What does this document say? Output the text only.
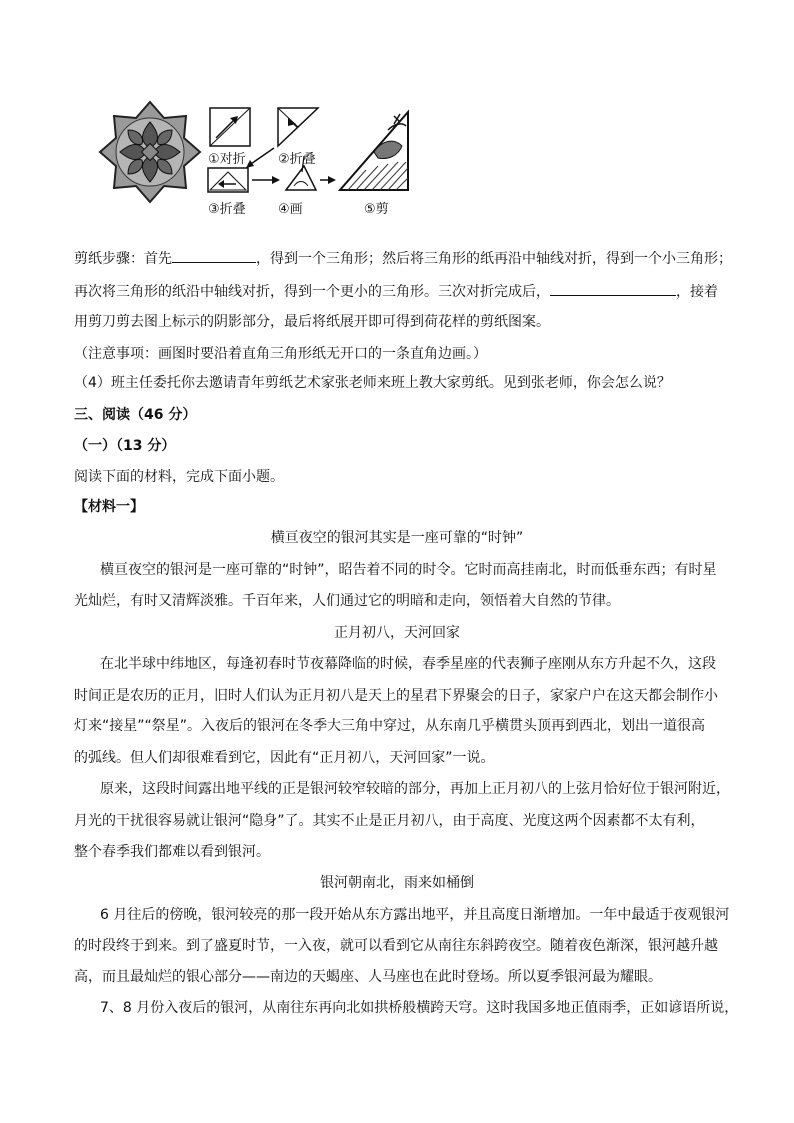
①对折 ②折叠
③折叠 ④画	⑤剪
剪纸步骤：首先	，得到一个三角形；然后将三角形的纸再沿中轴线对折，得到一个小三角形；
再次将三角形的纸沿中轴线对折，得到一个更小的三角形。三次对折完成后，	，接着
用剪刀剪去图上标示的阴影部分，最后将纸展开即可得到荷花样的剪纸图案。
（注意事项：画图时要沿着直角三角形纸无开口的一条直角边画。）
（4）班主任委托你去邀请青年剪纸艺术家张老师来班上教大家剪纸。见到张老师，你会怎么说？
三、阅读（46 分）
（一）（13 分）
阅读下面的材料，完成下面小题。
【材料一】
横亘夜空的银河其实是一座可靠的“时钟”
横亘夜空的银河是一座可靠的“时钟”，昭告着不同的时令。它时而高挂南北，时而低垂东西；有时星
光灿烂，有时又清辉淡雅。千百年来，人们通过它的明暗和走向，领悟着大自然的节律。
正月初八，天河回家
在北半球中纬地区，每逢初春时节夜幕降临的时候，春季星座的代表狮子座刚从东方升起不久，这段
时间正是农历的正月，旧时人们认为正月初八是天上的星君下界聚会的日子，家家户户在这天都会制作小
灯来“接星”“祭星”。入夜后的银河在冬季大三角中穿过，从东南几乎横贯头顶再到西北，划出一道很高
的弧线。但人们却很难看到它，因此有“正月初八，天河回家”一说。
原来，这段时间露出地平线的正是银河较窄较暗的部分，再加上正月初八的上弦月恰好位于银河附近，
月光的干扰很容易就让银河“隐身”了。其实不止是正月初八，由于高度、光度这两个因素都不太有利，
整个春季我们都难以看到银河。
银河朝南北，雨来如桶倒
6 月往后的傍晚，银河较亮的那一段开始从东方露出地平，并且高度日渐增加。一年中最适于夜观银河
的时段终于到来。到了盛夏时节，一入夜，就可以看到它从南往东斜跨夜空。随着夜色渐深，银河越升越
高，而且最灿烂的银心部分——南边的天蝎座、人马座也在此时登场。所以夏季银河最为耀眼。
7、8 月份入夜后的银河，从南往东再向北如拱桥般横跨天穹。这时我国多地正值雨季，正如谚语所说，
